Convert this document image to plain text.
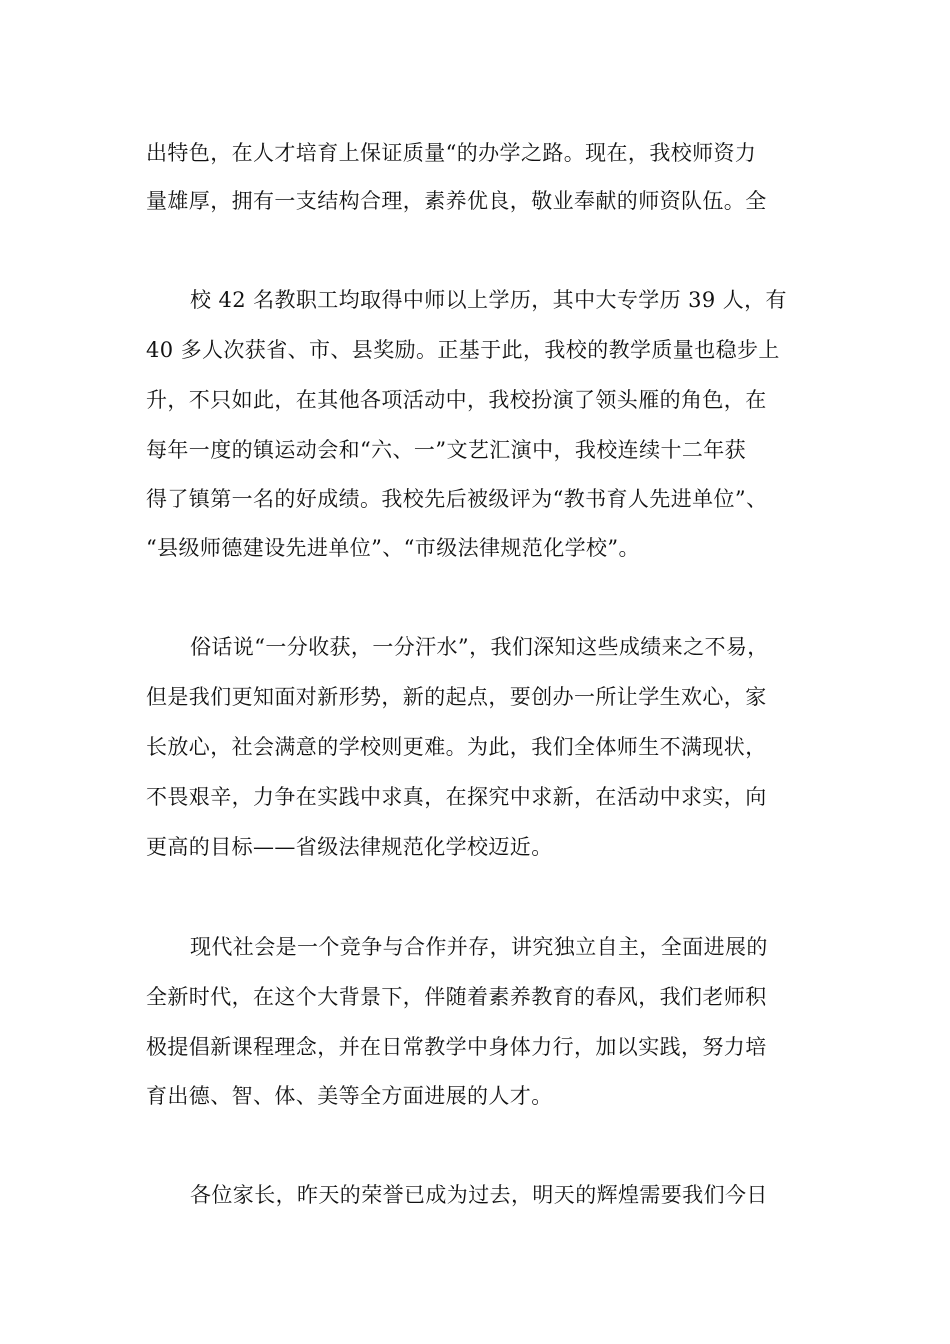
出特色，在人才培育上保证质量“的办学之路。现在，我校师资力
量雄厚，拥有一支结构合理，素养优良，敬业奉献的师资队伍。全
校 42 名教职工均取得中师以上学历，其中大专学历 39 人，有
40 多人次获省、市、县奖励。正基于此，我校的教学质量也稳步上
升，不只如此，在其他各项活动中，我校扮演了领头雁的角色，在
每年一度的镇运动会和“六、一”文艺汇演中，我校连续十二年获
得了镇第一名的好成绩。我校先后被级评为“教书育人先进单位”、
“县级师德建设先进单位”、“市级法律规范化学校”。
俗话说“一分收获，一分汗水”，我们深知这些成绩来之不易，
但是我们更知面对新形势，新的起点，要创办一所让学生欢心，家
长放心，社会满意的学校则更难。为此，我们全体师生不满现状，
不畏艰辛，力争在实践中求真，在探究中求新，在活动中求实，向
更高的目标——省级法律规范化学校迈近。
现代社会是一个竞争与合作并存，讲究独立自主，全面进展的
全新时代，在这个大背景下，伴随着素养教育的春风，我们老师积
极提倡新课程理念，并在日常教学中身体力行，加以实践，努力培
育出德、智、体、美等全方面进展的人才。
各位家长，昨天的荣誉已成为过去，明天的辉煌需要我们今日
